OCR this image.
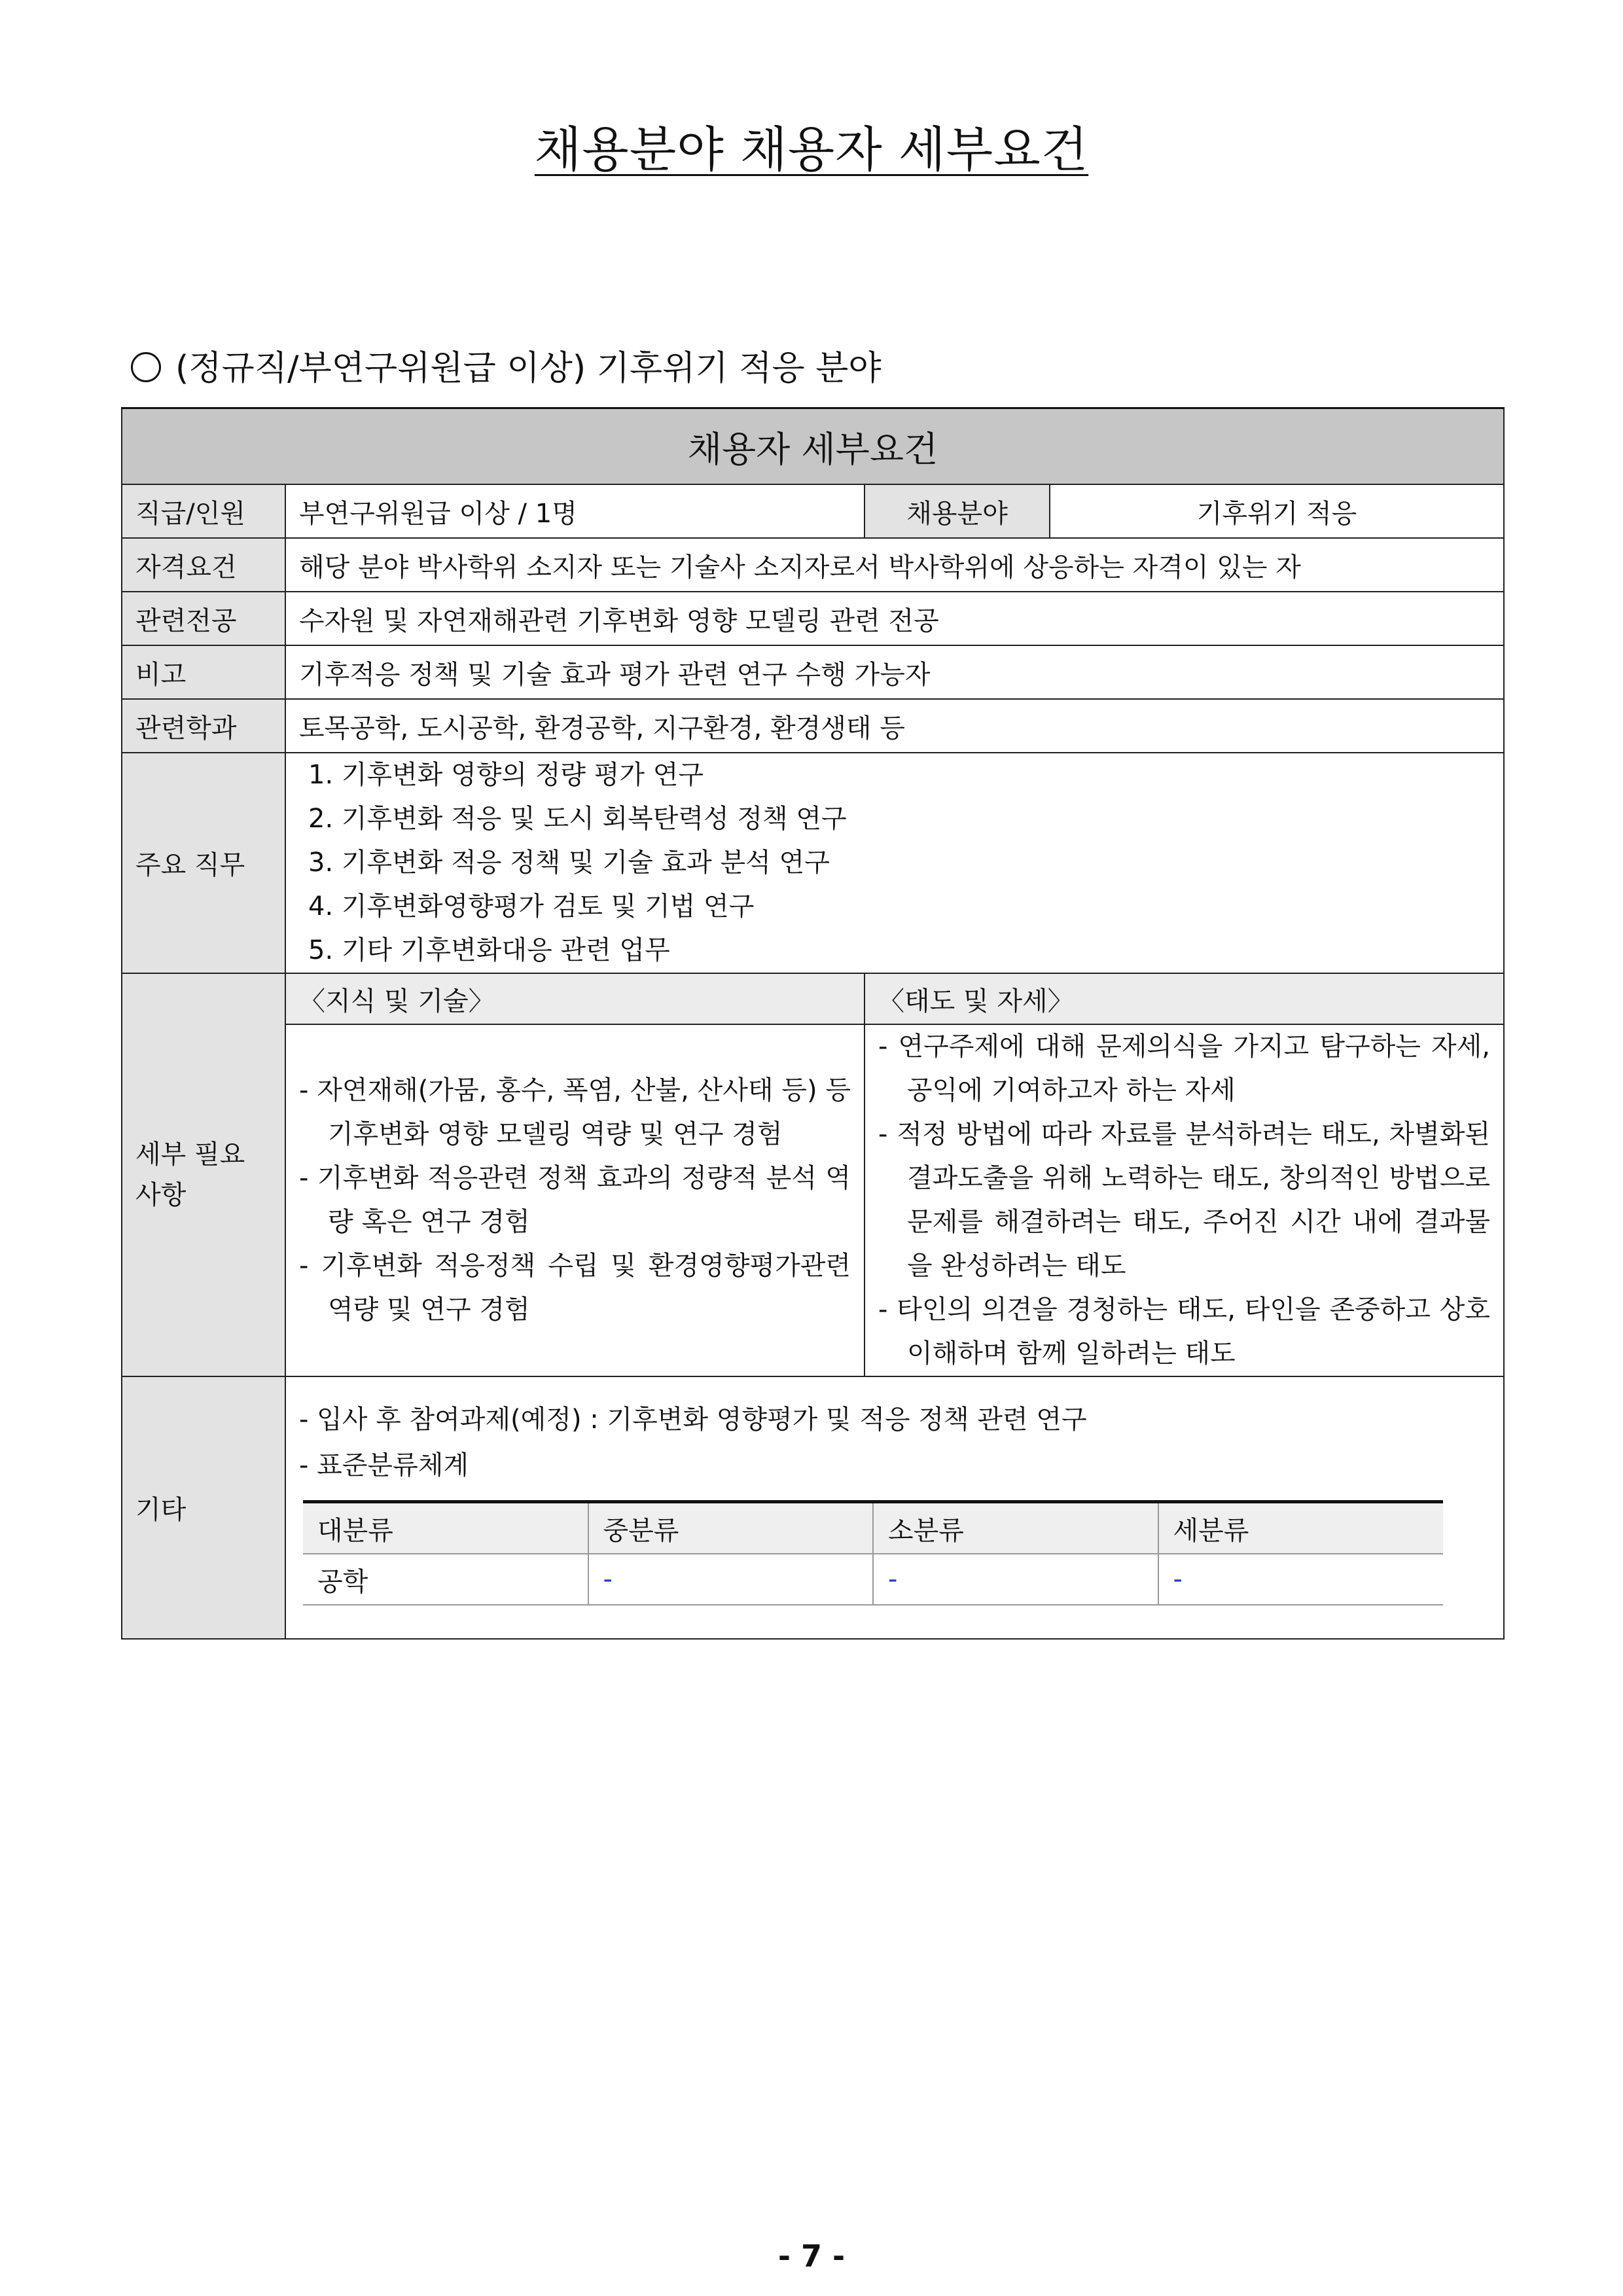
채용분야 채용자 세부요건
(정규직/부연구위원급 이상) 기후위기 적응 분야
채용자 세부요건
직급/인원	부연구위원급 이상 / 1명	채용분야	기후위기 적응
자격요건	해당 분야 박사학위 소지자 또는 기술사 소지자로서 박사학위에 상응하는 자격이 있는 자
관련전공	수자원 및 자연재해관련 기후변화 영향 모델링 관련 전공
비고	기후적응 정책 및 기술 효과 평가 관련 연구 수행 가능자
관련학과	토목공학, 도시공학, 환경공학, 지구환경, 환경생태 등
주요 직무	
1. 기후변화 영향의 정량 평가 연구
2. 기후변화 적응 및 도시 회복탄력성 정책 연구
3. 기후변화 적응 정책 및 기술 효과 분석 연구
4. 기후변화영향평가 검토 및 기법 연구
5. 기타 기후변화대응 관련 업무

세부 필요 사항	〈지식 및 기술〉	〈태도 및 자세〉

- 자연재해(가뭄, 홍수, 폭염, 산불, 산사태 등) 등 기후변화 영향 모델링 역량 및 연구 경험
- 기후변화 적응관련 정책 효과의 정량적 분석 역량 혹은 연구 경험
- 기후변화 적응정책 수립 및 환경영향평가관련 역량 및 연구 경험

- 연구주제에 대해 문제의식을 가지고 탐구하는 자세, 공익에 기여하고자 하는 자세
- 적정 방법에 따라 자료를 분석하려는 태도, 차별화된 결과도출을 위해 노력하는 태도, 창의적인 방법으로 문제를 해결하려는 태도, 주어진 시간 내에 결과물을 완성하려는 태도
- 타인의 의견을 경청하는 태도, 타인을 존중하고 상호 이해하며 함께 일하려는 태도

기타	
- 입사 후 참여과제(예정) : 기후변화 영향평가 및 적응 정책 관련 연구
- 표준분류체계
대분류	중분류	소분류	세분류
공학	-	-	-
- 7 -
